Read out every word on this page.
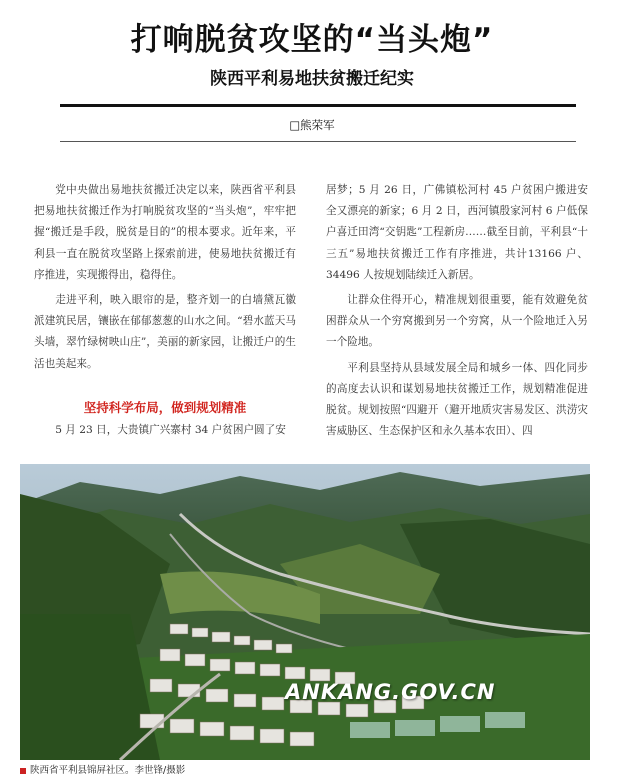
打响脱贫攻坚的“当头炮”
陕西平利易地扶贫搬迁纪实
□熊荣军

党中央做出易地扶贫搬迁决定以来，陕西省平利县把易地扶贫搬迁作为打响脱贫攻坚的“当头炮”，牢牢把握“搬迁是手段，脱贫是目的”的根本要求。近年来，平利县一直在脱贫攻坚路上探索前进，使易地扶贫搬迁有序推进，实现搬得出，稳得住。

走进平利，映入眼帘的是，整齐划一的白墙黛瓦徽派建筑民居，镶嵌在郁郁葱葱的山水之间。“碧水蓝天马头墙，翠竹绿树映山庄”，美丽的新家园，让搬迁户的生活也美起来。

坚持科学布局，做到规划精准

5 月 23 日，大贵镇广兴寨村 34 户贫困户圆了安

居梦；5 月 26 日，广佛镇松河村 45 户贫困户搬进安全又漂亮的新家；6 月 2 日，西河镇殷家河村 6 户低保户喜迁田湾“交钥匙”工程新房……截至目前，平利县“十三五”易地扶贫搬迁工作有序推进，共计13166 户、34496 人按规划陆续迁入新居。

让群众住得开心，精准规划很重要，能有效避免贫困群众从一个穷窝搬到另一个穷窝，从一个险地迁入另一个险地。

平利县坚持从县域发展全局和城乡一体、四化同步的高度去认识和谋划易地扶贫搬迁工作，规划精准促进脱贫。规划按照“四避开（避开地质灾害易发区、洪涝灾害威胁区、生态保护区和永久基本农田）、四

ANKANG.GOV.CN
陕西省平利县锦屏社区。李世锋/摄影
